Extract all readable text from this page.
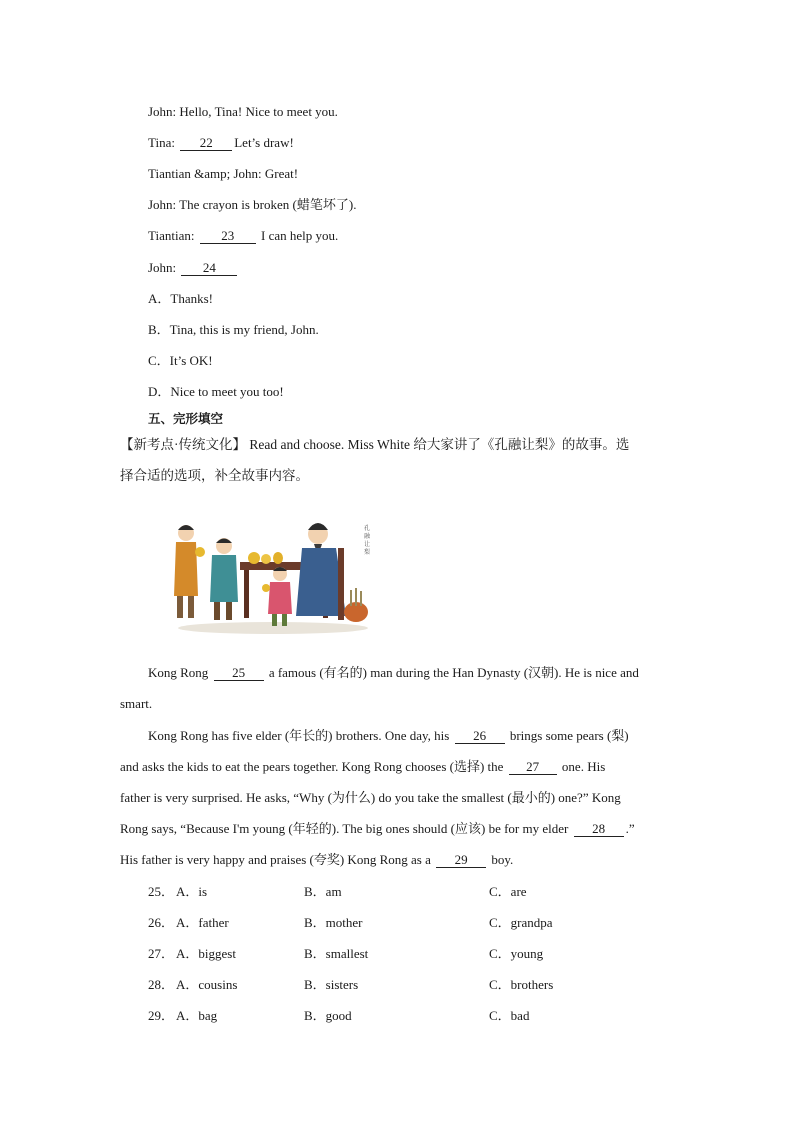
John: Hello, Tina! Nice to meet you.
Tina: 22 Let’s draw!
Tiantian &amp; John: Great!
John: The crayon is broken (蜡笔坏了).
Tiantian: 23 I can help you.
John: 24
A．Thanks!
B．Tina, this is my friend, John.
C．It’s OK!
D．Nice to meet you too!
五、完形填空
【新考点·传统文化】 Read and choose. Miss White 给大家讲了《孔融让梨》的故事。选
择合适的选项，补全故事内容。
孔
融
让
梨
Kong Rong 25 a famous (有名的) man during the Han Dynasty (汉朝). He is nice and
smart.
Kong Rong has five elder (年长的) brothers. One day, his 26 brings some pears (梨)
and asks the kids to eat the pears together. Kong Rong chooses (选择) the 27 one. His
father is very surprised. He asks, “Why (为什么) do you take the smallest (最小的) one?” Kong
Rong says, “Because I'm young (年轻的). The big ones should (应该) be for my elder 28 .”
His father is very happy and praises (夸奖) Kong Rong as a 29 boy.
25． A．is	B．am	C．are
26． A．father	B．mother	C．grandpa
27． A．biggest	B．smallest	C．young
28． A．cousins	B．sisters	C．brothers
29． A．bag	B．good	C．bad
